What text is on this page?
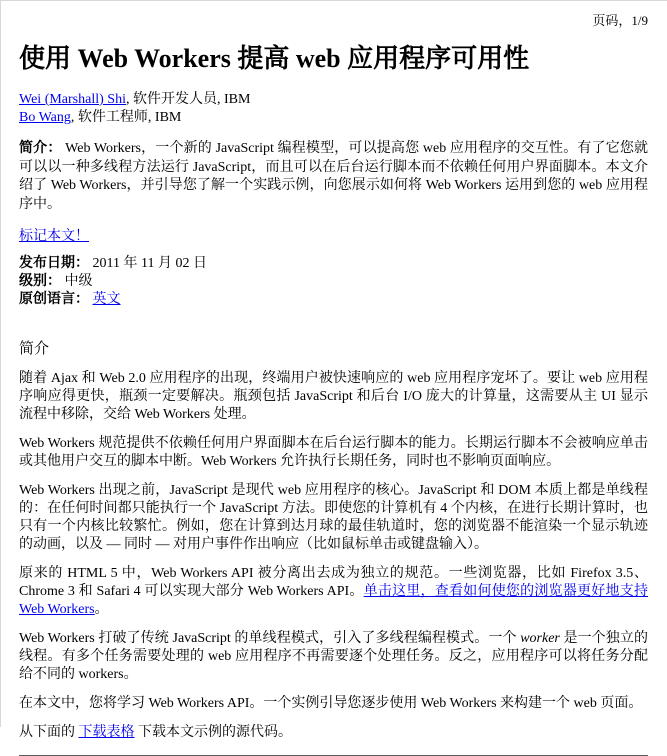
页码，1/9
使用 Web Workers 提高 web 应用程序可用性
Wei (Marshall) Shi, 软件开发人员, IBM
Bo Wang, 软件工程师, IBM

简介： Web Workers，一个新的 JavaScript 编程模型，可以提高您 web 应用程序的交互性。有了它您就可以以一种多线程方法运行 JavaScript，而且可以在后台运行脚本而不依赖任何用户界面脚本。本文介绍了 Web Workers，并引导您了解一个实践示例，向您展示如何将 Web Workers 运用到您的 web 应用程序中。

标记本文！
发布日期： 2011 年 11 月 02 日
级别： 中级
原创语言： 英文
简介

随着 Ajax 和 Web 2.0 应用程序的出现，终端用户被快速响应的 web 应用程序宠坏了。要让 web 应用程序响应得更快，瓶颈一定要解决。瓶颈包括 JavaScript 和后台 I/O 庞大的计算量，这需要从主 UI 显示流程中移除，交给 Web Workers 处理。

Web Workers 规范提供不依赖任何用户界面脚本在后台运行脚本的能力。长期运行脚本不会被响应单击或其他用户交互的脚本中断。Web Workers 允许执行长期任务，同时也不影响页面响应。

Web Workers 出现之前，JavaScript 是现代 web 应用程序的核心。JavaScript 和 DOM 本质上都是单线程的：在任何时间都只能执行一个 JavaScript 方法。即使您的计算机有 4 个内核，在进行长期计算时，也只有一个内核比较繁忙。例如，您在计算到达月球的最佳轨道时，您的浏览器不能渲染一个显示轨迹的动画，以及 — 同时 — 对用户事件作出响应（比如鼠标单击或键盘输入）。

原来的 HTML 5 中，Web Workers API 被分离出去成为独立的规范。一些浏览器，比如 Firefox 3.5、Chrome 3 和 Safari 4 可以实现大部分 Web Workers API。单击这里，查看如何使您的浏览器更好地支持 Web Workers。

Web Workers 打破了传统 JavaScript 的单线程模式，引入了多线程编程模式。一个 worker 是一个独立的线程。有多个任务需要处理的 web 应用程序不再需要逐个处理任务。反之，应用程序可以将任务分配给不同的 workers。

在本文中，您将学习 Web Workers API。一个实例引导您逐步使用 Web Workers 来构建一个 web 页面。

从下面的 下载表格 下载本文示例的源代码。
